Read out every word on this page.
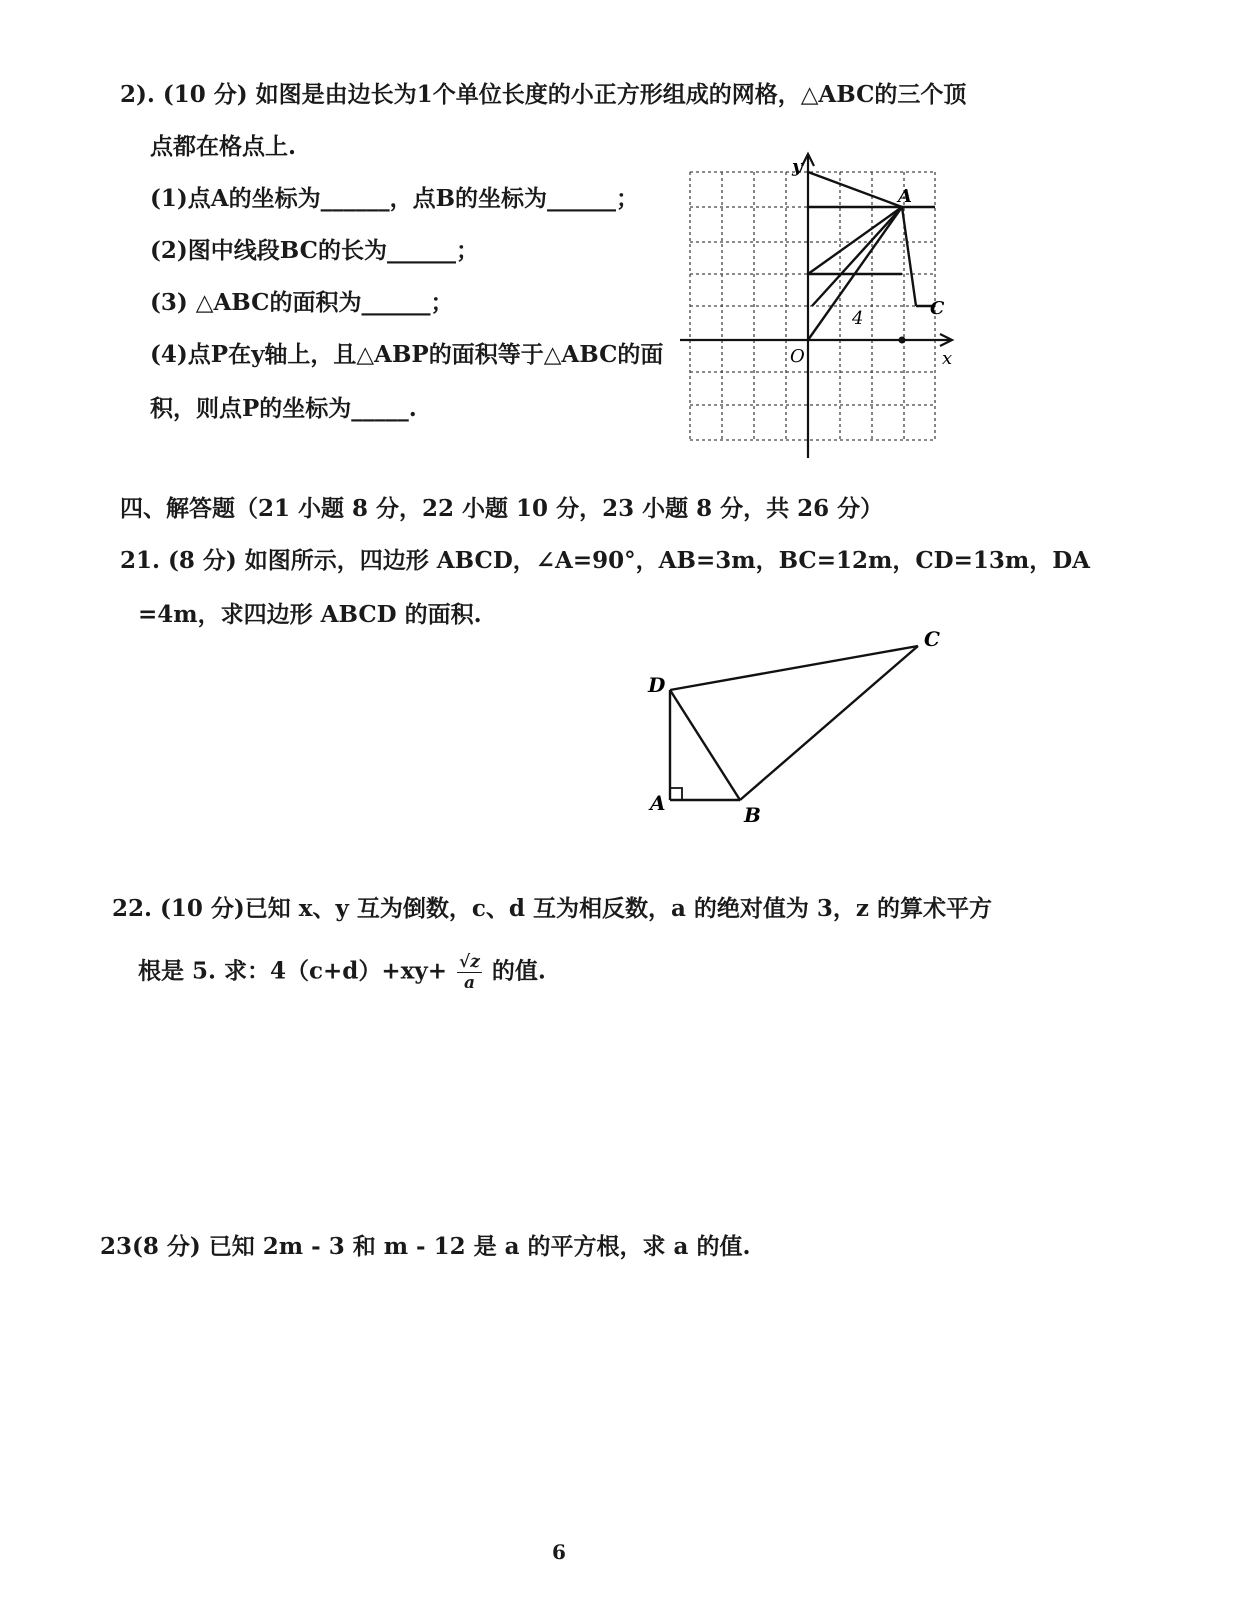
2). (10 分) 如图是由边长为1个单位长度的小正方形组成的网格，△ABC的三个顶
点都在格点上.
(1)点A的坐标为______，点B的坐标为______；
(2)图中线段BC的长为______；
(3) △ABC的面积为______；
(4)点P在y轴上，且△ABP的面积等于△ABC的面
积，则点P的坐标为_____.
y
x
O
A
C
4
四、解答题（21 小题 8 分，22 小题 10 分，23 小题 8 分，共 26 分）
21. (8 分) 如图所示，四边形 ABCD，∠A=90°，AB=3m，BC=12m，CD=13m，DA
=4m，求四边形 ABCD 的面积.
A	B
C
D
22. (10 分)已知 x、y 互为倒数，c、d 互为相反数，a 的绝对值为 3，z 的算术平方
根是 5. 求：$4(c+d)+xy+ \frac{√z}{a}$ 的值.
23(8 分) 已知 2m - 3 和 m - 12 是 a 的平方根，求 a 的值.
6
